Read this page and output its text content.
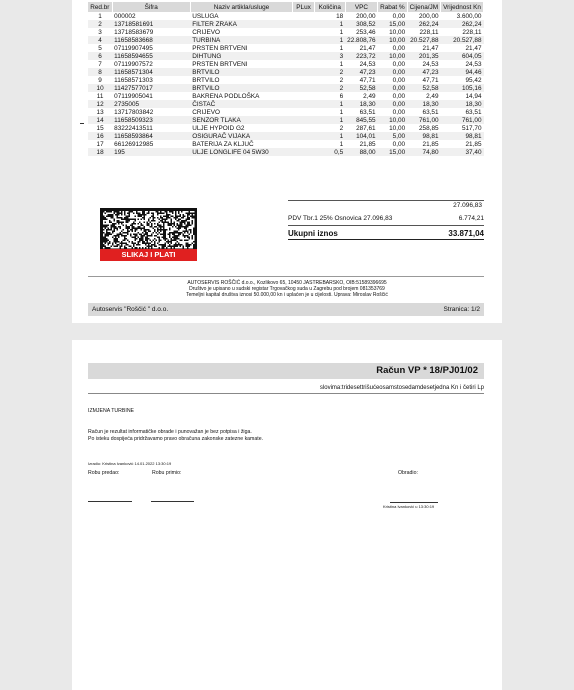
Red.br	Šifra	Naziv artikla/usluge	PLux	Količina	VPC	Rabat %	Cijena/JM	Vrijednost Kn
1	000002	USLUGA		18	200,00	0,00	200,00	3.600,00
2	13718581691	FILTER ZRAKA		1	308,52	15,00	262,24	262,24
3	13718583679	CRIJEVO		1	253,46	10,00	228,11	228,11
4	11658583668	TURBINA		1	22.808,76	10,00	20.527,88	20.527,88
5	07119907495	PRSTEN BRTVENI		1	21,47	0,00	21,47	21,47
6	11658594655	DIHTUNG		3	223,72	10,00	201,35	604,05
7	07119907572	PRSTEN BRTVENI		1	24,53	0,00	24,53	24,53
8	11658571304	BRTVILO		2	47,23	0,00	47,23	94,46
9	11658571303	BRTVILO		2	47,71	0,00	47,71	95,42
10	11427577017	BRTVILO		2	52,58	0,00	52,58	105,16
11	07119905041	BAKRENA PODLOŠKA		6	2,49	0,00	2,49	14,94
12	2735005	ČISTAČ		1	18,30	0,00	18,30	18,30
13	13717803842	CRIJEVO		1	63,51	0,00	63,51	63,51
14	11658509323	SENZOR TLAKA		1	845,55	10,00	761,00	761,00
15	83222413511	ULJE HYPOID G2		2	287,61	10,00	258,85	517,70
16	11658593864	OSIGURAČ VIJAKA		1	104,01	5,00	98,81	98,81
17	66126912985	BATERIJA ZA KLJUČ		1	21,85	0,00	21,85	21,85
18	195	ULJE LONGLIFE 04 5W30		0,5	88,00	15,00	74,80	37,40
27.096,83
SLIKAJ I PLATI
PDV Tbr.1 25% Osnovica 27.096,83	6.774,21
Ukupni iznos	33.871,04
AUTOSERVIS ROŠČIĆ d.o.o., Kozlikovo 65, 10450 JASTREBARSKO, OIB:51589396695
Društvo je upisano u sudski registar Trgovačkog suda u Zagrebu pod brojem 081353769
Temeljni kapital društva iznosi 50.000,00 kn i uplaćen je u cijelosti. Uprava: Miroslav Roščić
Autoservis "Roščić " d.o.o.	Stranica: 1/2
Račun VP * 18/PJ01/02
slovima:tridesettrišućeosamstosedamdesetjedna Kn i četiri Lp
IZMJENA TURBINE
Račun je rezultat informatičke obrade i punovažan je bez potpisa i žiga.
Po isteku dospijeća pridržavamo pravo obračuna zakonske zatezne kamate.
Izradio: Kristina Ivanković 14.01.2022 13:30:19
Robu predao:	Robu primio:	Obradio:
Kristina Ivanković u 13:30:19
